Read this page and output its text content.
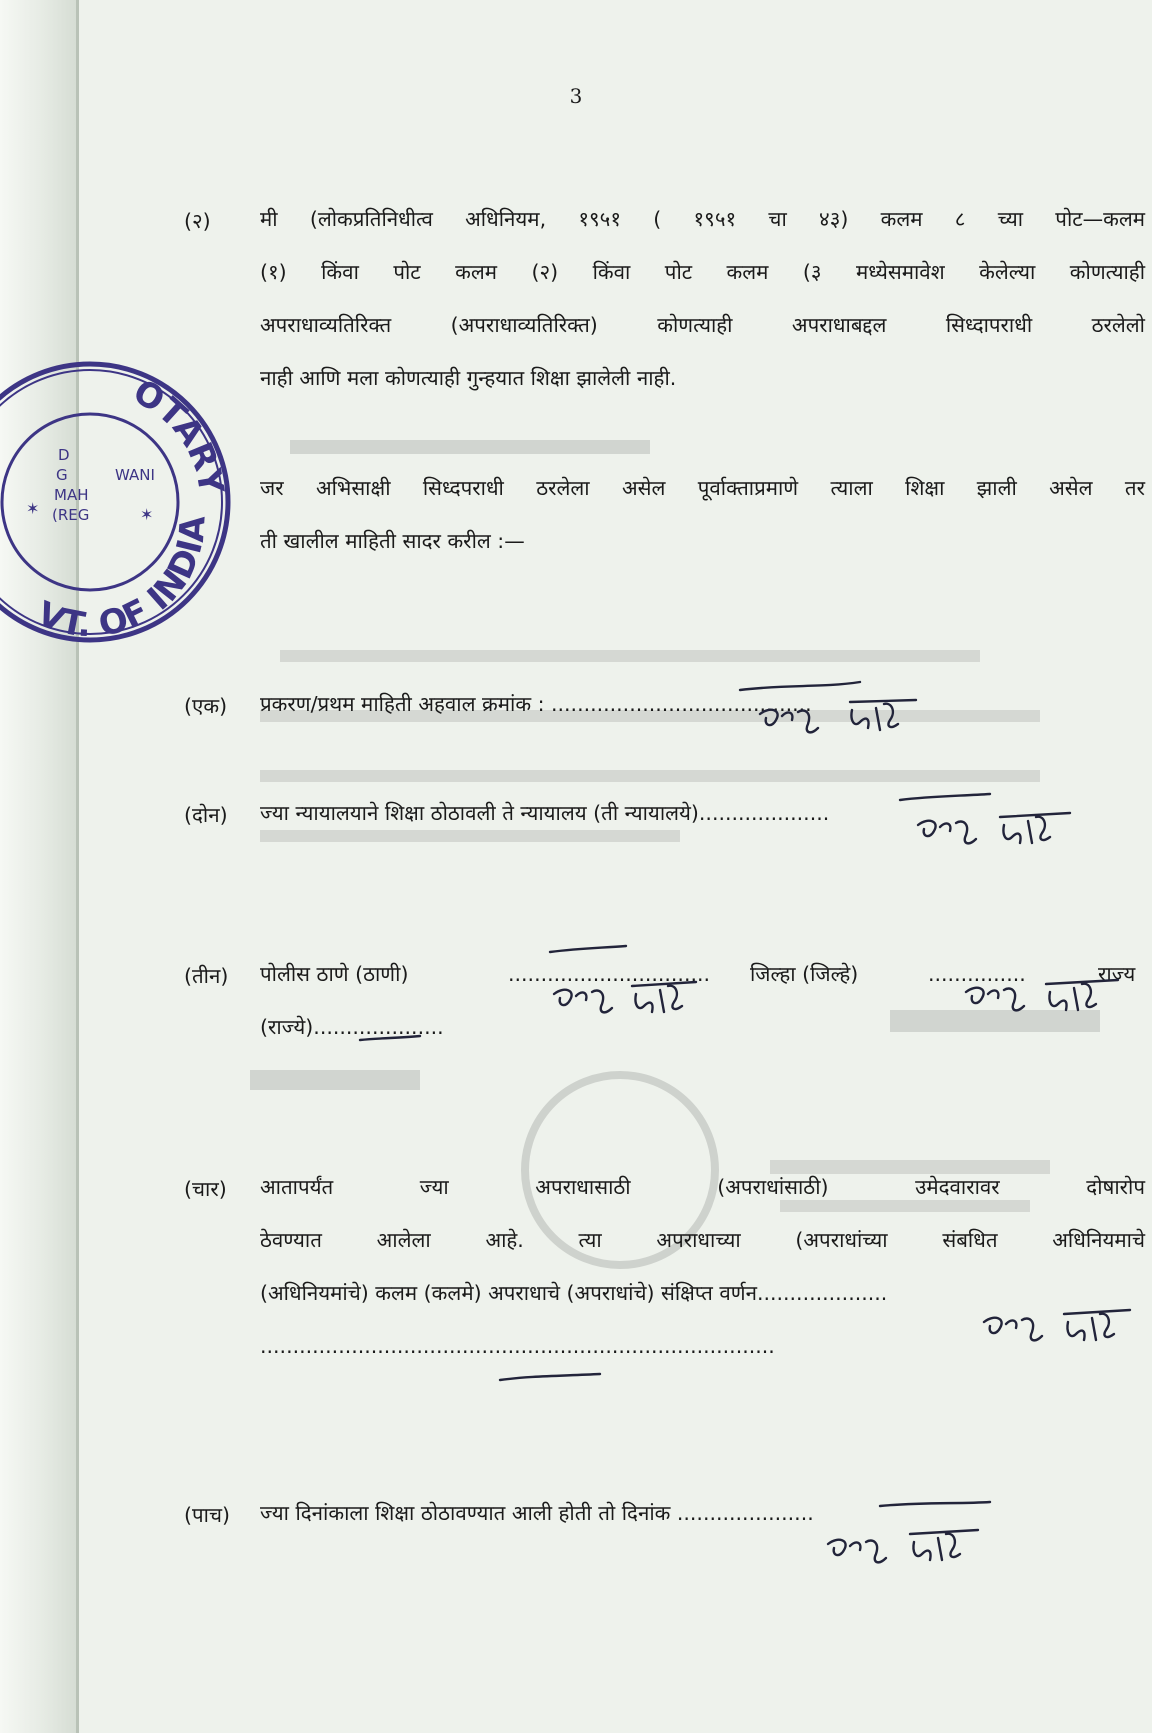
OTARY
VT. OF INDIA
D
G
MAH
(REG
WANI
✶	✶
3
(२) मी (लोकप्रतिनिधीत्व अधिनियम, १९५१ ( १९५१ चा ४३) कलम ८ च्या पोट—कलम
(१) किंवा पोट कलम (२) किंवा पोट कलम (३ मध्येसमावेश केलेल्या कोणत्याही
अपराधाव्यतिरिक्त (अपराधाव्यतिरिक्त) कोणत्याही अपराधाबद्दल सिध्दापराधी ठरलेलो
नाही आणि मला कोणत्याही गुन्हयात शिक्षा झालेली नाही.
जर अभिसाक्षी सिध्दपराधी ठरलेला असेल पूर्वाक्ताप्रमाणे त्याला शिक्षा झाली असेल तर
ती खालील माहिती सादर करील :—
(एक) प्रकरण/प्रथम माहिती अहवाल क्रमांक : ........................................
(दोन) ज्या न्यायालयाने शिक्षा ठोठावली ते न्यायालय (ती न्यायालये)....................
(तीन) पोलीस ठाणे (ठाणी)	............................... जिल्हा (जिल्हे)	...............	राज्य
(राज्ये)....................
(चार) आतापर्यंत ज्या अपराधासाठी (अपराधांसाठी) उमेदवारावर दोषारोप
ठेवण्यात आलेला आहे. त्या अपराधाच्या (अपराधांच्या संबधित अधिनियमाचे
(अधिनियमांचे) कलम (कलमे) अपराधाचे (अपराधांचे) संक्षिप्त वर्णन....................
...............................................................................
(पाच) ज्या दिनांकाला शिक्षा ठोठावण्यात आली होती तो दिनांक .....................
